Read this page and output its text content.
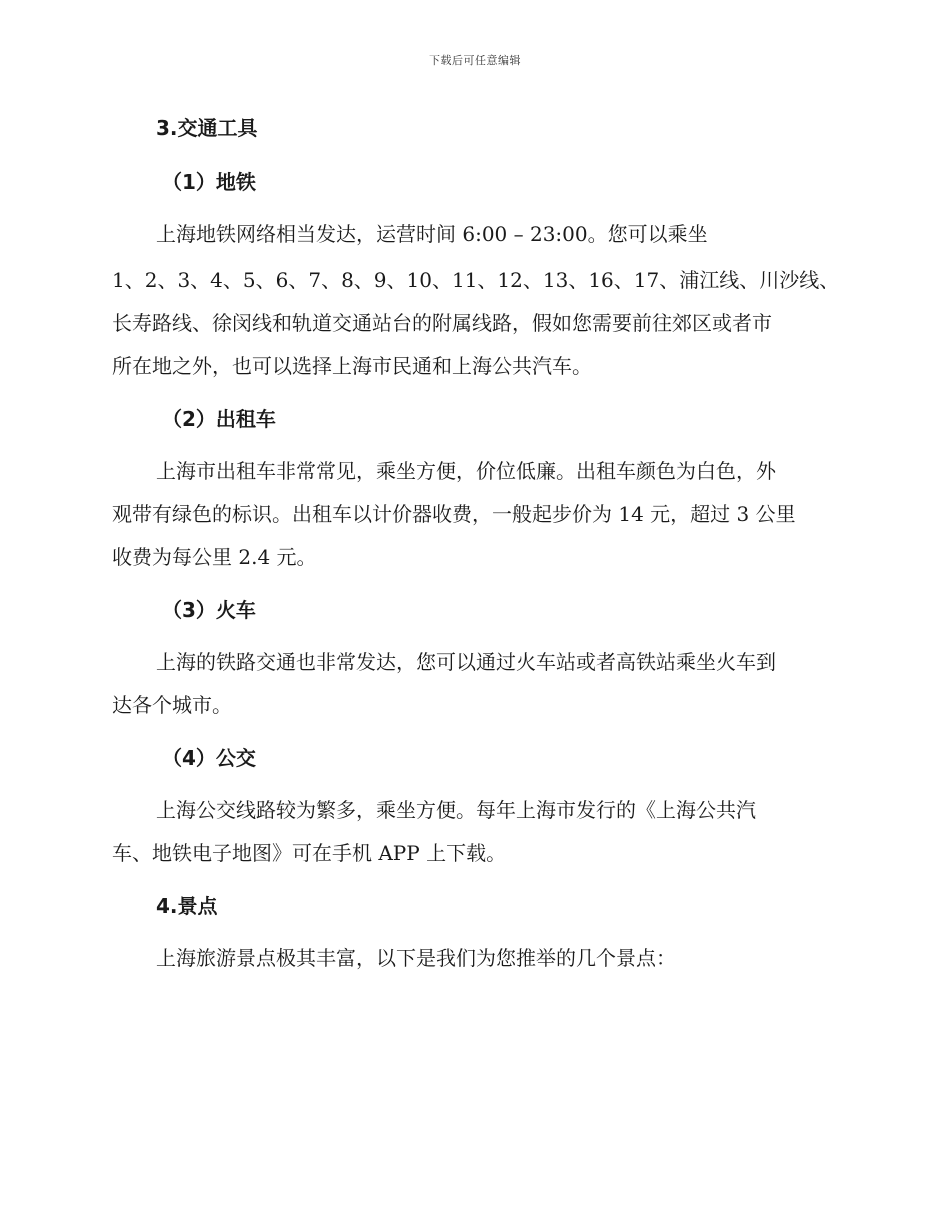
下载后可任意编辑
3.交通工具
（1）地铁
上海地铁网络相当发达，运营时间 6:00 – 23:00。您可以乘坐
1、2、3、4、5、6、7、8、9、10、11、12、13、16、17、浦江线、川沙线、
长寿路线、徐闵线和轨道交通站台的附属线路，假如您需要前往郊区或者市
所在地之外，也可以选择上海市民通和上海公共汽车。
（2）出租车
上海市出租车非常常见，乘坐方便，价位低廉。出租车颜色为白色，外
观带有绿色的标识。出租车以计价器收费，一般起步价为 14 元，超过 3 公里
收费为每公里 2.4 元。
（3）火车
上海的铁路交通也非常发达，您可以通过火车站或者高铁站乘坐火车到
达各个城市。
（4）公交
上海公交线路较为繁多，乘坐方便。每年上海市发行的《上海公共汽
车、地铁电子地图》可在手机 APP 上下载。
4.景点
上海旅游景点极其丰富，以下是我们为您推举的几个景点：
